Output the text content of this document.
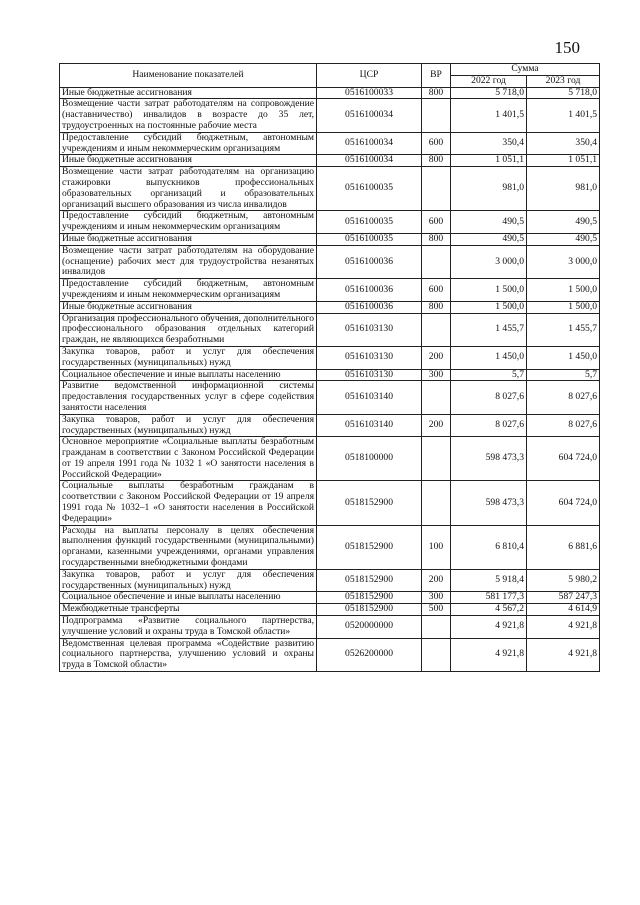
150
Наименование показателей	ЦСР	ВР	Сумма	
			2022 год	2023 год
Иные бюджетные ассигнования	0516100033	800	5 718,0	5 718,0
Возмещение части затрат работодателям на сопровождение (наставничество) инвалидов в возрасте до 35 лет, трудоустроенных на постоянные рабочие места	0516100034		1 401,5	1 401,5
Предоставление субсидий бюджетным, автономным учреждениям и иным некоммерческим организациям	0516100034	600	350,4	350,4
Иные бюджетные ассигнования	0516100034	800	1 051,1	1 051,1
Возмещение части затрат работодателям на организацию стажировки выпускников профессиональных образовательных организаций и образовательных организаций высшего образования из числа инвалидов	0516100035		981,0	981,0
Предоставление субсидий бюджетным, автономным учреждениям и иным некоммерческим организациям	0516100035	600	490,5	490,5
Иные бюджетные ассигнования	0516100035	800	490,5	490,5
Возмещение части затрат работодателям на оборудование (оснащение) рабочих мест для трудоустройства незанятых инвалидов	0516100036		3 000,0	3 000,0
Предоставление субсидий бюджетным, автономным учреждениям и иным некоммерческим организациям	0516100036	600	1 500,0	1 500,0
Иные бюджетные ассигнования	0516100036	800	1 500,0	1 500,0
Организация профессионального обучения, дополнительного профессионального образования отдельных категорий граждан, не являющихся безработными	0516103130		1 455,7	1 455,7
Закупка товаров, работ и услуг для обеспечения государственных (муниципальных) нужд	0516103130	200	1 450,0	1 450,0
Социальное обеспечение и иные выплаты населению	0516103130	300	5,7	5,7
Развитие ведомственной информационной системы предоставления государственных услуг в сфере содействия занятости населения	0516103140		8 027,6	8 027,6
Закупка товаров, работ и услуг для обеспечения государственных (муниципальных) нужд	0516103140	200	8 027,6	8 027,6
Основное мероприятие «Социальные выплаты безработным гражданам в соответствии с Законом Российской Федерации от 19 апреля 1991 года № 1032 1 «О занятости населения в Российской Федерации»	0518100000		598 473,3	604 724,0
Социальные выплаты безработным гражданам в соответствии с Законом Российской Федерации от 19 апреля 1991 года № 1032–1 «О занятости населения в Российской Федерации»	0518152900		598 473,3	604 724,0
Расходы на выплаты персоналу в целях обеспечения выполнения функций государственными (муниципальными) органами, казенными учреждениями, органами управления государственными внебюджетными фондами	0518152900	100	6 810,4	6 881,6
Закупка товаров, работ и услуг для обеспечения государственных (муниципальных) нужд	0518152900	200	5 918,4	5 980,2
Социальное обеспечение и иные выплаты населению	0518152900	300	581 177,3	587 247,3
Межбюджетные трансферты	0518152900	500	4 567,2	4 614,9
Подпрограмма «Развитие социального партнерства, улучшение условий и охраны труда в Томской области»	0520000000		4 921,8	4 921,8
Ведомственная целевая программа «Содействие развитию социального партнерства, улучшению условий и охраны труда в Томской области»	0526200000		4 921,8	4 921,8
